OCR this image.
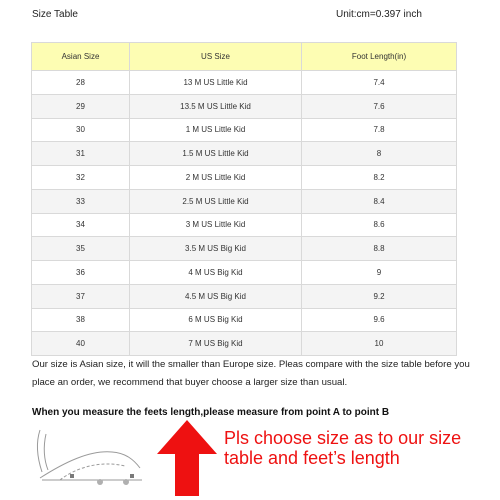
Size Table	Unit:cm=0.397 inch
Asian Size	US Size	Foot Length(in)
28	13 M US Little Kid	7.4
29	13.5 M US Little Kid	7.6
30	1 M US Little Kid	7.8
31	1.5 M US Little Kid	8
32	2 M US Little Kid	8.2
33	2.5 M US Little Kid	8.4
34	3 M US Little Kid	8.6
35	3.5 M US Big Kid	8.8
36	4 M US Big Kid	9
37	4.5 M US Big Kid	9.2
38	6 M US Big Kid	9.6
40	7 M US Big Kid	10
Our size is Asian size, it will the smaller than Europe size. Pleas compare with the size table before you place an order, we recommend that buyer choose a larger size than usual.
When you measure the feets length,please measure from point A to point B
Pls choose size as to our size table and feet’s length
